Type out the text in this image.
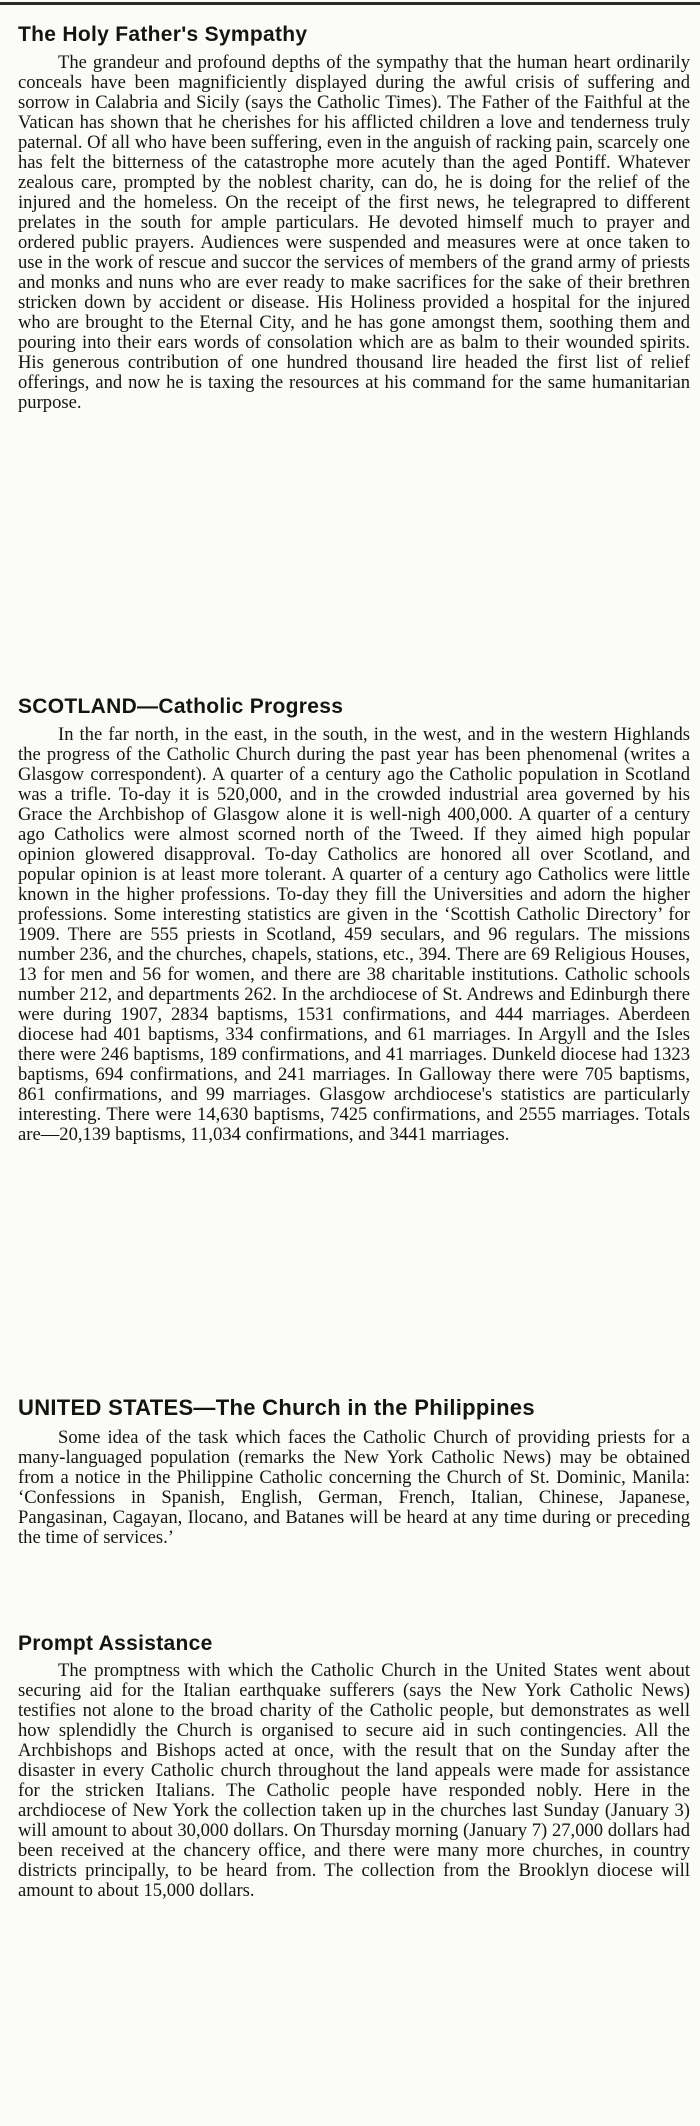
The Holy Father's Sympathy

The grandeur and profound depths of the sympathy that the human heart ordinarily conceals have been magnificiently displayed during the awful crisis of suffering and sorrow in Calabria and Sicily (says the Catholic Times). The Father of the Faithful at the Vatican has shown that he cherishes for his afflicted children a love and tenderness truly paternal. Of all who have been suffering, even in the anguish of racking pain, scarcely one has felt the bitterness of the catastrophe more acutely than the aged Pontiff. Whatever zealous care, prompted by the noblest charity, can do, he is doing for the relief of the injured and the homeless. On the receipt of the first news, he telegrapred to different prelates in the south for ample particulars. He devoted himself much to prayer and ordered public prayers. Audiences were suspended and measures were at once taken to use in the work of rescue and succor the services of members of the grand army of priests and monks and nuns who are ever ready to make sacrifices for the sake of their brethren stricken down by accident or disease. His Holiness provided a hospital for the injured who are brought to the Eternal City, and he has gone amongst them, soothing them and pouring into their ears words of consolation which are as balm to their wounded spirits. His generous contribution of one hundred thousand lire headed the first list of relief offerings, and now he is taxing the resources at his command for the same humanitarian purpose.

SCOTLAND—Catholic Progress

In the far north, in the east, in the south, in the west, and in the western Highlands the progress of the Catholic Church during the past year has been phenomenal (writes a Glasgow correspondent). A quarter of a century ago the Catholic population in Scotland was a trifle. To-day it is 520,000, and in the crowded industrial area governed by his Grace the Archbishop of Glasgow alone it is well-nigh 400,000. A quarter of a century ago Catholics were almost scorned north of the Tweed. If they aimed high popular opinion glowered disapproval. To-day Catholics are honored all over Scotland, and popular opinion is at least more tolerant. A quarter of a century ago Catholics were little known in the higher professions. To-day they fill the Universities and adorn the higher professions. Some interesting statistics are given in the ‘Scottish Catholic Directory’ for 1909. There are 555 priests in Scotland, 459 seculars, and 96 regulars. The missions number 236, and the churches, chapels, stations, etc., 394. There are 69 Religious Houses, 13 for men and 56 for women, and there are 38 charitable institutions. Catholic schools number 212, and departments 262. In the archdiocese of St. Andrews and Edinburgh there were during 1907, 2834 baptisms, 1531 confirmations, and 444 marriages. Aberdeen diocese had 401 baptisms, 334 confirmations, and 61 marriages. In Argyll and the Isles there were 246 baptisms, 189 confirmations, and 41 marriages. Dunkeld diocese had 1323 baptisms, 694 confirmations, and 241 marriages. In Galloway there were 705 baptisms, 861 confirmations, and 99 marriages. Glasgow archdiocese's statistics are particularly interesting. There were 14,630 baptisms, 7425 confirmations, and 2555 marriages. Totals are—20,139 baptisms, 11,034 confirmations, and 3441 marriages.

UNITED STATES—The Church in the Philippines

Some idea of the task which faces the Catholic Church of providing priests for a many-languaged population (remarks the New York Catholic News) may be obtained from a notice in the Philippine Catholic concerning the Church of St. Dominic, Manila: ‘Confessions in Spanish, English, German, French, Italian, Chinese, Japanese, Pangasinan, Cagayan, Ilocano, and Batanes will be heard at any time during or preceding the time of services.’

Prompt Assistance

The promptness with which the Catholic Church in the United States went about securing aid for the Italian earthquake sufferers (says the New York Catholic News) testifies not alone to the broad charity of the Catholic people, but demonstrates as well how splendidly the Church is organised to secure aid in such contingencies. All the Archbishops and Bishops acted at once, with the result that on the Sunday after the disaster in every Catholic church throughout the land appeals were made for assistance for the stricken Italians. The Catholic people have responded nobly. Here in the archdiocese of New York the collection taken up in the churches last Sunday (January 3) will amount to about 30,000 dollars. On Thursday morning (January 7) 27,000 dollars had been received at the chancery office, and there were many more churches, in country districts principally, to be heard from. The collection from the Brooklyn diocese will amount to about 15,000 dollars.
